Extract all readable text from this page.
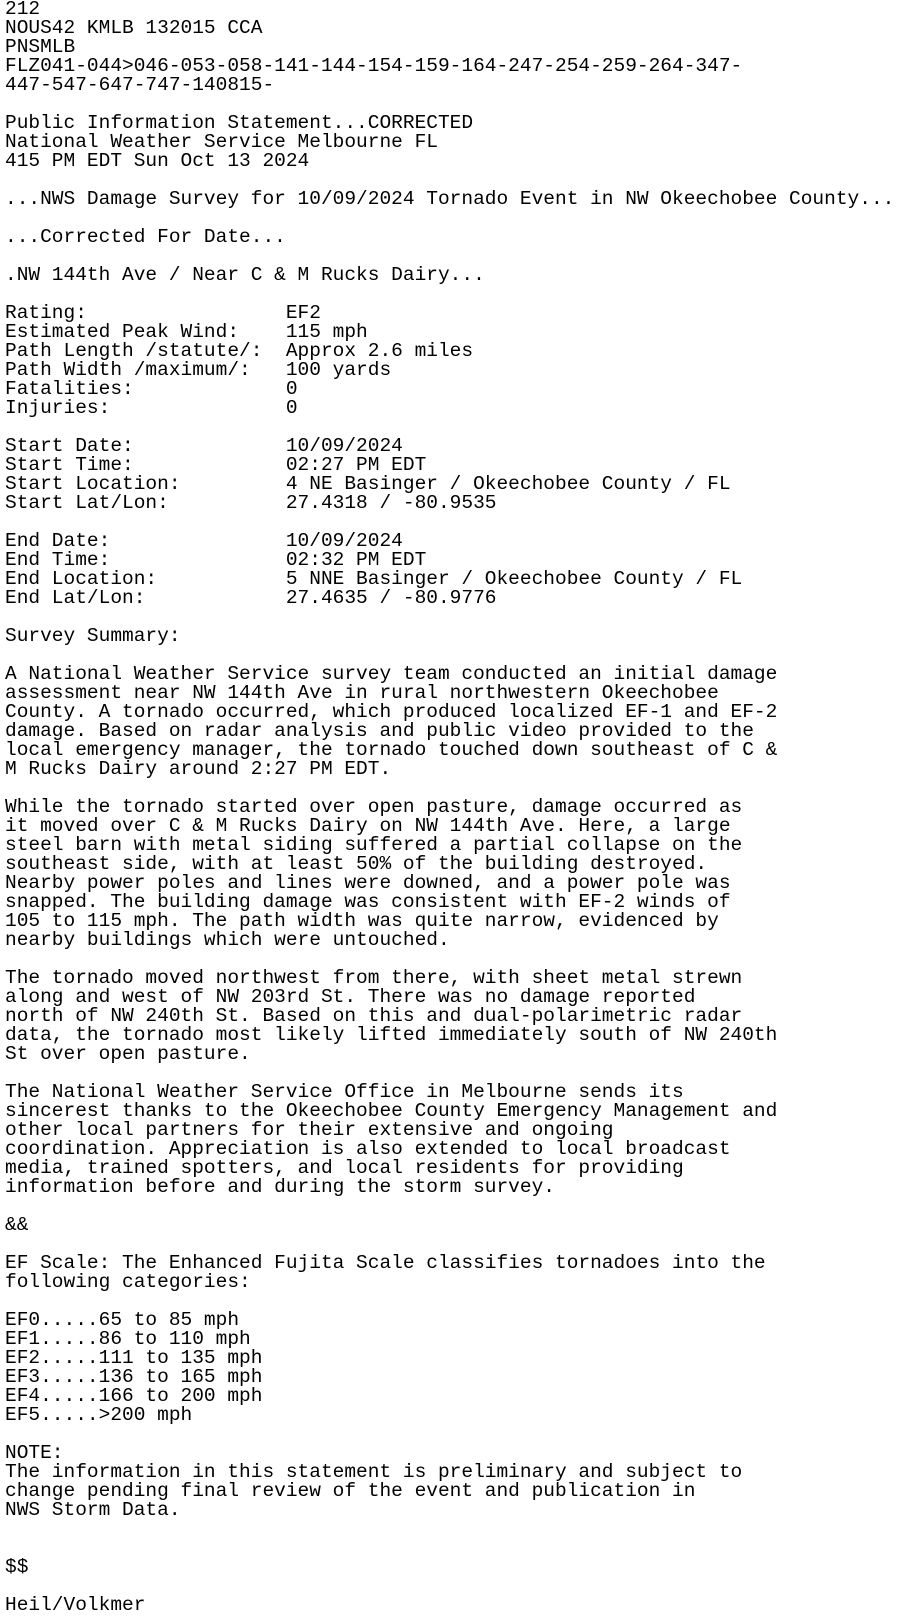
212
NOUS42 KMLB 132015 CCA
PNSMLB
FLZ041-044>046-053-058-141-144-154-159-164-247-254-259-264-347-
447-547-647-747-140815-
Public Information Statement...CORRECTED
National Weather Service Melbourne FL
415 PM EDT Sun Oct 13 2024
...NWS Damage Survey for 10/09/2024 Tornado Event in NW Okeechobee County...
...Corrected For Date...
.NW 144th Ave / Near C & M Rucks Dairy...
Rating:                 EF2
Estimated Peak Wind:    115 mph
Path Length /statute/:  Approx 2.6 miles
Path Width /maximum/:   100 yards
Fatalities:             0
Injuries:               0
Start Date:             10/09/2024
Start Time:             02:27 PM EDT
Start Location:         4 NE Basinger / Okeechobee County / FL
Start Lat/Lon:          27.4318 / -80.9535
End Date:               10/09/2024
End Time:               02:32 PM EDT
End Location:           5 NNE Basinger / Okeechobee County / FL
End Lat/Lon:            27.4635 / -80.9776
Survey Summary:
A National Weather Service survey team conducted an initial damage
assessment near NW 144th Ave in rural northwestern Okeechobee
County. A tornado occurred, which produced localized EF-1 and EF-2
damage. Based on radar analysis and public video provided to the
local emergency manager, the tornado touched down southeast of C &
M Rucks Dairy around 2:27 PM EDT.
While the tornado started over open pasture, damage occurred as
it moved over C & M Rucks Dairy on NW 144th Ave. Here, a large
steel barn with metal siding suffered a partial collapse on the
southeast side, with at least 50% of the building destroyed.
Nearby power poles and lines were downed, and a power pole was
snapped. The building damage was consistent with EF-2 winds of
105 to 115 mph. The path width was quite narrow, evidenced by
nearby buildings which were untouched.
The tornado moved northwest from there, with sheet metal strewn
along and west of NW 203rd St. There was no damage reported
north of NW 240th St. Based on this and dual-polarimetric radar
data, the tornado most likely lifted immediately south of NW 240th
St over open pasture.
The National Weather Service Office in Melbourne sends its
sincerest thanks to the Okeechobee County Emergency Management and
other local partners for their extensive and ongoing
coordination. Appreciation is also extended to local broadcast
media, trained spotters, and local residents for providing
information before and during the storm survey.
&&
EF Scale: The Enhanced Fujita Scale classifies tornadoes into the
following categories:
EF0.....65 to 85 mph
EF1.....86 to 110 mph
EF2.....111 to 135 mph
EF3.....136 to 165 mph
EF4.....166 to 200 mph
EF5.....>200 mph
NOTE:
The information in this statement is preliminary and subject to
change pending final review of the event and publication in
NWS Storm Data.
$$
Heil/Volkmer
